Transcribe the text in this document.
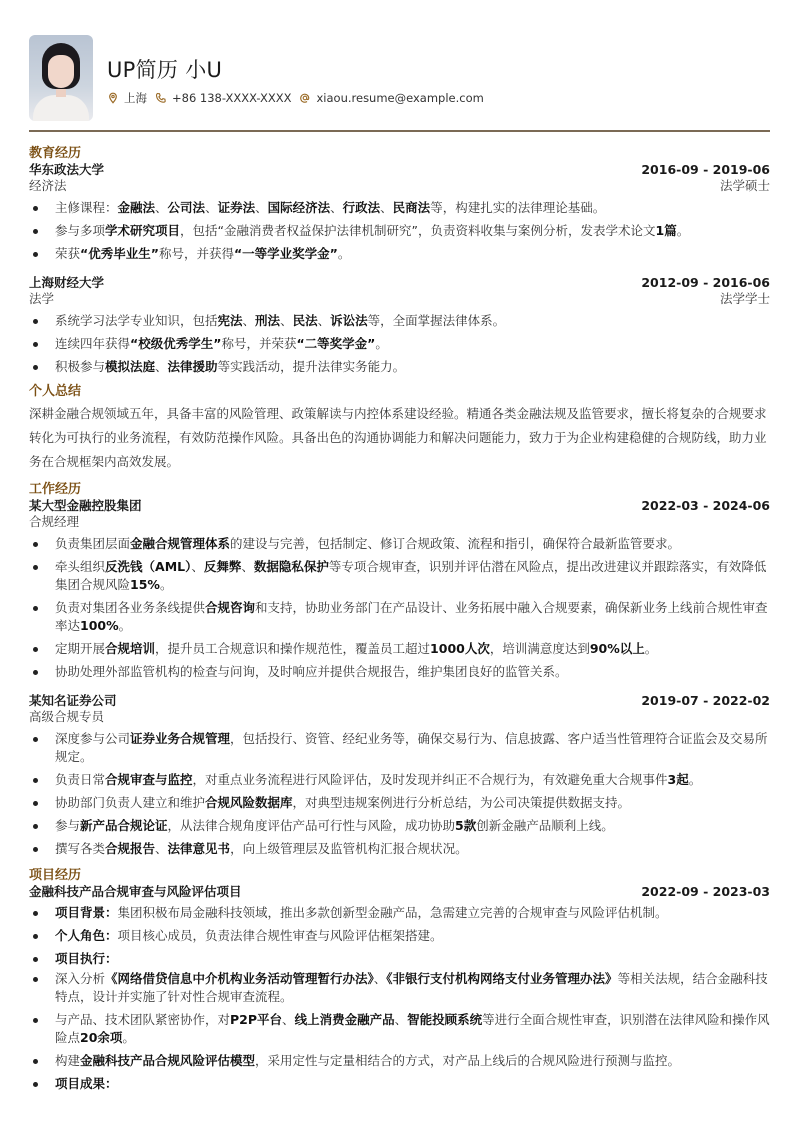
UP简历 小U
上海 +86 138-XXXX-XXXX xiaou.resume@example.com
教育经历
华东政法大学	2016-09 - 2019-06
经济法	法学硕士
主修课程：金融法、公司法、证券法、国际经济法、行政法、民商法等，构建扎实的法律理论基础。
参与多项学术研究项目，包括“金融消费者权益保护法律机制研究”，负责资料收集与案例分析，发表学术论文1篇。
荣获“优秀毕业生”称号，并获得“一等学业奖学金”。
上海财经大学	2012-09 - 2016-06
法学	法学学士
系统学习法学专业知识，包括宪法、刑法、民法、诉讼法等，全面掌握法律体系。
连续四年获得“校级优秀学生”称号，并荣获“二等奖学金”。
积极参与模拟法庭、法律援助等实践活动，提升法律实务能力。
个人总结
深耕金融合规领域五年，具备丰富的风险管理、政策解读与内控体系建设经验。精通各类金融法规及监管要求，擅长将复杂的合规要求转化为可执行的业务流程，有效防范操作风险。具备出色的沟通协调能力和解决问题能力，致力于为企业构建稳健的合规防线，助力业务在合规框架内高效发展。
工作经历
某大型金融控股集团	2022-03 - 2024-06
合规经理
负责集团层面金融合规管理体系的建设与完善，包括制定、修订合规政策、流程和指引，确保符合最新监管要求。
牵头组织反洗钱（AML）、反舞弊、数据隐私保护等专项合规审查，识别并评估潜在风险点，提出改进建议并跟踪落实，有效降低集团合规风险15%。
负责对集团各业务条线提供合规咨询和支持，协助业务部门在产品设计、业务拓展中融入合规要素，确保新业务上线前合规性审查率达100%。
定期开展合规培训，提升员工合规意识和操作规范性，覆盖员工超过1000人次，培训满意度达到90%以上。
协助处理外部监管机构的检查与问询，及时响应并提供合规报告，维护集团良好的监管关系。
某知名证券公司	2019-07 - 2022-02
高级合规专员
深度参与公司证券业务合规管理，包括投行、资管、经纪业务等，确保交易行为、信息披露、客户适当性管理符合证监会及交易所规定。
负责日常合规审查与监控，对重点业务流程进行风险评估，及时发现并纠正不合规行为，有效避免重大合规事件3起。
协助部门负责人建立和维护合规风险数据库，对典型违规案例进行分析总结，为公司决策提供数据支持。
参与新产品合规论证，从法律合规角度评估产品可行性与风险，成功协助5款创新金融产品顺利上线。
撰写各类合规报告、法律意见书，向上级管理层及监管机构汇报合规状况。
项目经历
金融科技产品合规审查与风险评估项目	2022-09 - 2023-03
项目背景：集团积极布局金融科技领域，推出多款创新型金融产品，急需建立完善的合规审查与风险评估机制。
个人角色：项目核心成员，负责法律合规性审查与风险评估框架搭建。
项目执行：
深入分析《网络借贷信息中介机构业务活动管理暂行办法》、《非银行支付机构网络支付业务管理办法》等相关法规，结合金融科技特点，设计并实施了针对性合规审查流程。
与产品、技术团队紧密协作，对P2P平台、线上消费金融产品、智能投顾系统等进行全面合规性审查，识别潜在法律风险和操作风险点20余项。
构建金融科技产品合规风险评估模型，采用定性与定量相结合的方式，对产品上线后的合规风险进行预测与监控。
项目成果：
